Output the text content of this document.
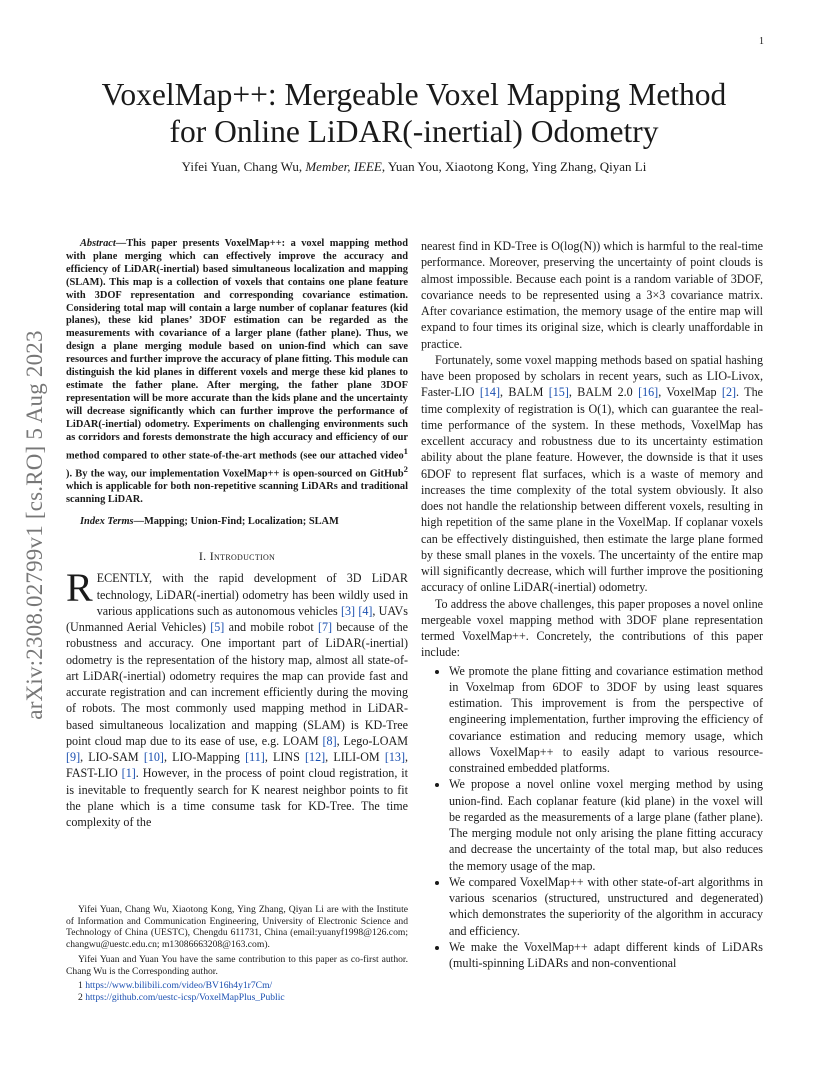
1
arXiv:2308.02799v1 [cs.RO] 5 Aug 2023
VoxelMap++: Mergeable Voxel Mapping Method
for Online LiDAR(-inertial) Odometry
Yifei Yuan, Chang Wu, Member, IEEE, Yuan You, Xiaotong Kong, Ying Zhang, Qiyan Li

Abstract—This paper presents VoxelMap++: a voxel mapping method with plane merging which can effectively improve the accuracy and efficiency of LiDAR(-inertial) based simultaneous localization and mapping (SLAM). This map is a collection of voxels that contains one plane feature with 3DOF representation and corresponding covariance estimation. Considering total map will contain a large number of coplanar features (kid planes), these kid planes’ 3DOF estimation can be regarded as the measurements with covariance of a larger plane (father plane). Thus, we design a plane merging module based on union-find which can save resources and further improve the accuracy of plane fitting. This module can distinguish the kid planes in different voxels and merge these kid planes to estimate the father plane. After merging, the father plane 3DOF representation will be more accurate than the kids plane and the uncertainty will decrease significantly which can further improve the performance of LiDAR(-inertial) odometry. Experiments on challenging environments such as corridors and forests demonstrate the high accuracy and efficiency of our method compared to other state-of-the-art methods (see our attached video$^1$ ). By the way, our implementation VoxelMap++ is open-sourced on GitHub$^2$ which is applicable for both non-repetitive scanning LiDARs and traditional scanning LiDAR.

Index Terms—Mapping; Union-Find; Localization; SLAM

I. Introduction

RECENTLY, with the rapid development of 3D LiDAR technology, LiDAR(-inertial) odometry has been wildly used in various applications such as autonomous vehicles [3] [4], UAVs (Unmanned Aerial Vehicles) [5] and mobile robot [7] because of the robustness and accuracy. One important part of LiDAR(-inertial) odometry is the representation of the history map, almost all state-of-art LiDAR(-inertial) odometry requires the map can provide fast and accurate registration and can increment efficiently during the moving of robots. The most commonly used mapping method in LiDAR-based simultaneous localization and mapping (SLAM) is KD-Tree point cloud map due to its ease of use, e.g. LOAM [8], Lego-LOAM [9], LIO-SAM [10], LIO-Mapping [11], LINS [12], LILI-OM [13], FAST-LIO [1]. However, in the process of point cloud registration, it is inevitable to frequently search for K nearest neighbor points to fit the plane which is a time consume task for KD-Tree. The time complexity of the

Yifei Yuan, Chang Wu, Xiaotong Kong, Ying Zhang, Qiyan Li are with the Institute of Information and Communication Engineering, University of Electronic Science and Technology of China (UESTC), Chengdu 611731, China (email:yuanyf1998@126.com; changwu@uestc.edu.cn; m13086663208@163.com).

Yifei Yuan and Yuan You have the same contribution to this paper as co-first author. Chang Wu is the Corresponding author.

1 https://www.bilibili.com/video/BV16h4y1r7Cm/
2 https://github.com/uestc-icsp/VoxelMapPlus_Public

nearest find in KD-Tree is O(log(N)) which is harmful to the real-time performance. Moreover, preserving the uncertainty of point clouds is almost impossible. Because each point is a random variable of 3DOF, covariance needs to be represented using a 3×3 covariance matrix. After covariance estimation, the memory usage of the entire map will expand to four times its original size, which is clearly unaffordable in practice.

Fortunately, some voxel mapping methods based on spatial hashing have been proposed by scholars in recent years, such as LIO-Livox, Faster-LIO [14], BALM [15], BALM 2.0 [16], VoxelMap [2]. The time complexity of registration is O(1), which can guarantee the real-time performance of the system. In these methods, VoxelMap has excellent accuracy and robustness due to its uncertainty estimation ability about the plane feature. However, the downside is that it uses 6DOF to represent flat surfaces, which is a waste of memory and increases the time complexity of the total system obviously. It also does not handle the relationship between different voxels, resulting in high repetition of the same plane in the VoxelMap. If coplanar voxels can be effectively distinguished, then estimate the large plane formed by these small planes in the voxels. The uncertainty of the entire map will significantly decrease, which will further improve the positioning accuracy of online LiDAR(-inertial) odometry.

To address the above challenges, this paper proposes a novel online mergeable voxel mapping method with 3DOF plane representation termed VoxelMap++. Concretely, the contributions of this paper include:

• We promote the plane fitting and covariance estimation method in Voxelmap from 6DOF to 3DOF by using least squares estimation. This improvement is from the perspective of engineering implementation, further improving the efficiency of covariance estimation and reducing memory usage, which allows VoxelMap++ to easily adapt to various resource-constrained embedded platforms.
• We propose a novel online voxel merging method by using union-find. Each coplanar feature (kid plane) in the voxel will be regarded as the measurements of a large plane (father plane). The merging module not only arising the plane fitting accuracy and decrease the uncertainty of the total map, but also reduces the memory usage of the map.
• We compared VoxelMap++ with other state-of-art algorithms in various scenarios (structured, unstructured and degenerated) which demonstrates the superiority of the algorithm in accuracy and efficiency.
• We make the VoxelMap++ adapt different kinds of LiDARs (multi-spinning LiDARs and non-conventional
